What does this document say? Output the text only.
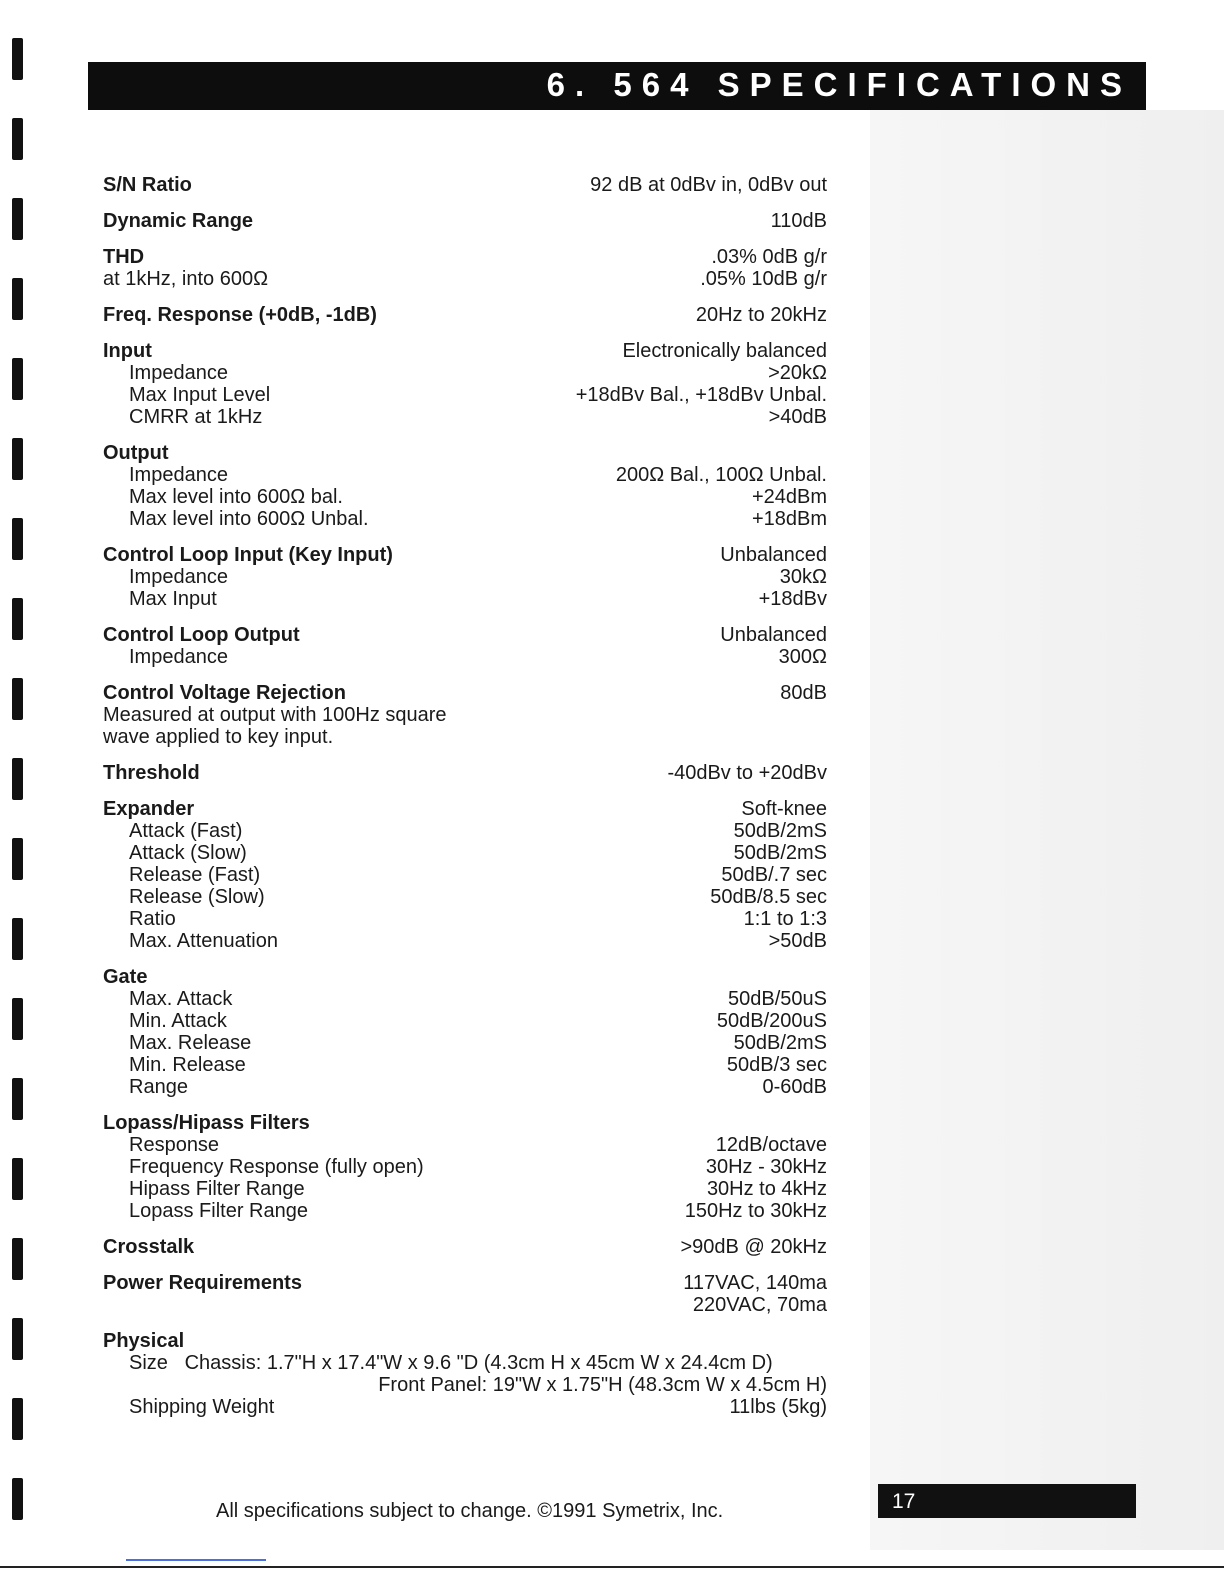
6. 564 SPECIFICATIONS
S/N Ratio	92 dB at 0dBv in, 0dBv out
Dynamic Range	110dB
THD	.03% 0dB g/r
at 1kHz, into 600Ω	.05% 10dB g/r
Freq. Response (+0dB, -1dB)	20Hz to 20kHz
Input	Electronically balanced
Impedance	>20kΩ
Max Input Level	+18dBv Bal., +18dBv Unbal.
CMRR at 1kHz	>40dB
Output
Impedance	200Ω Bal., 100Ω Unbal.
Max level into 600Ω bal.	+24dBm
Max level into 600Ω Unbal.	+18dBm
Control Loop Input (Key Input)	Unbalanced
Impedance	30kΩ
Max Input	+18dBv
Control Loop Output	Unbalanced
Impedance	300Ω
Control Voltage Rejection	80dB
Measured at output with 100Hz square
wave applied to key input.
Threshold	-40dBv to +20dBv
Expander	Soft-knee
Attack (Fast)	50dB/2mS
Attack (Slow)	50dB/2mS
Release (Fast)	50dB/.7 sec
Release (Slow)	50dB/8.5 sec
Ratio	1:1 to 1:3
Max. Attenuation	>50dB
Gate
Max. Attack	50dB/50uS
Min. Attack	50dB/200uS
Max. Release	50dB/2mS
Min. Release	50dB/3 sec
Range	0-60dB
Lopass/Hipass Filters
Response	12dB/octave
Frequency Response (fully open)	30Hz - 30kHz
Hipass Filter Range	30Hz to 4kHz
Lopass Filter Range	150Hz to 30kHz
Crosstalk	>90dB @ 20kHz
Power Requirements	117VAC, 140ma
220VAC, 70ma
Physical
Size Chassis: 1.7"H x 17.4"W x 9.6 "D (4.3cm H x 45cm W x 24.4cm D)
Front Panel: 19"W x 1.75"H (48.3cm W x 4.5cm H)
Shipping Weight	11lbs (5kg)
All specifications subject to change. ©1991 Symetrix, Inc.	17
